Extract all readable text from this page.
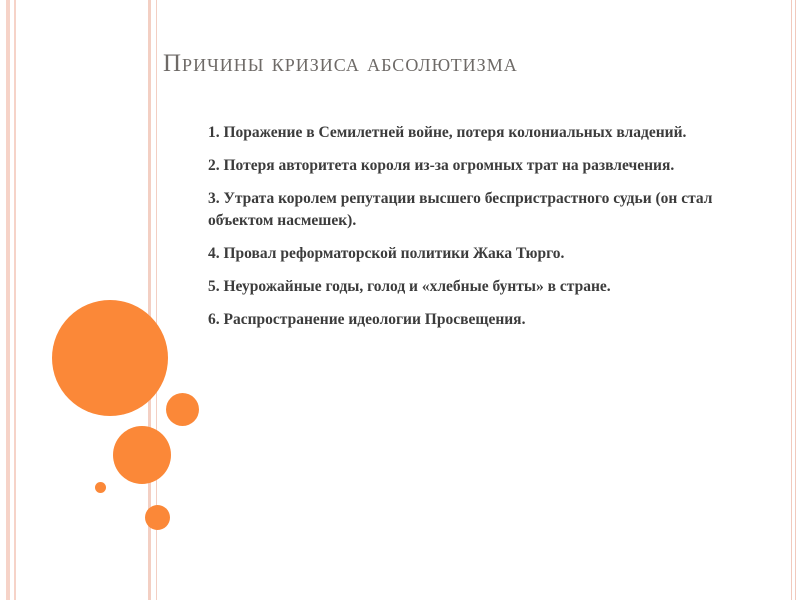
Причины кризиса абсолютизма
1. Поражение в Семилетней войне, потеря колониальных владений.
2. Потеря авторитета короля из-за огромных трат на развлечения.
3. Утрата королем репутации высшего беспристрастного судьи (он стал объектом насмешек).
4. Провал реформаторской политики Жака Тюрго.
5. Неурожайные годы, голод и «хлебные бунты» в стране.
6. Распространение идеологии Просвещения.
